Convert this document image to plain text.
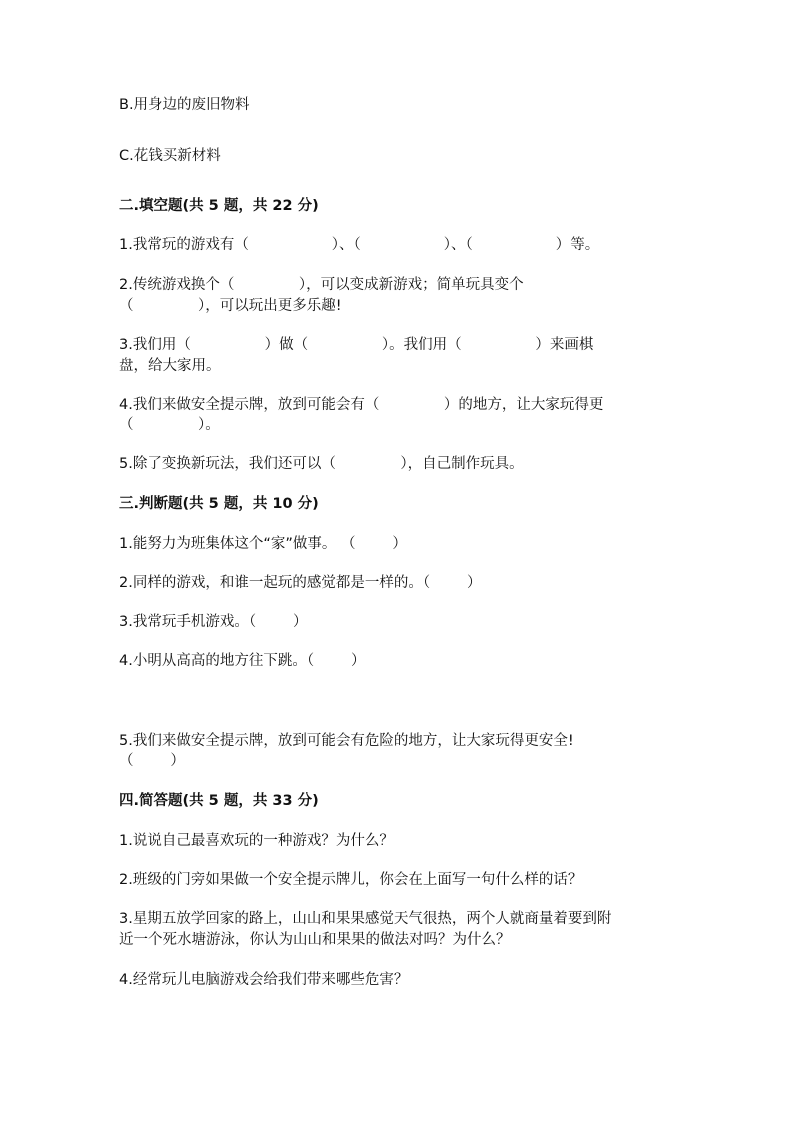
B.用身边的废旧物料
C.花钱买新材料
二.填空题(共 5 题，共 22 分)
1.我常玩的游戏有（                  ）、（                  ）、（                  ）等。
2.传统游戏换个（              ），可以变成新游戏；简单玩具变个
（              ），可以玩出更多乐趣!
3.我们用（                ）做（                ）。我们用（                ）来画棋
盘，给大家用。
4.我们来做安全提示牌，放到可能会有（              ）的地方，让大家玩得更
（              ）。
5.除了变换新玩法，我们还可以（              ），自己制作玩具。
三.判断题(共 5 题，共 10 分)
1.能努力为班集体这个“家”做事。 （        ）
2.同样的游戏，和谁一起玩的感觉都是一样的。（        ）
3.我常玩手机游戏。（        ）
4.小明从高高的地方往下跳。（        ）
5.我们来做安全提示牌，放到可能会有危险的地方，让大家玩得更安全!
（        ）
四.简答题(共 5 题，共 33 分)
1.说说自己最喜欢玩的一种游戏？为什么？
2.班级的门旁如果做一个安全提示牌儿，你会在上面写一句什么样的话？
3.星期五放学回家的路上，山山和果果感觉天气很热，两个人就商量着要到附
近一个死水塘游泳，你认为山山和果果的做法对吗？为什么？
4.经常玩儿电脑游戏会给我们带来哪些危害？
